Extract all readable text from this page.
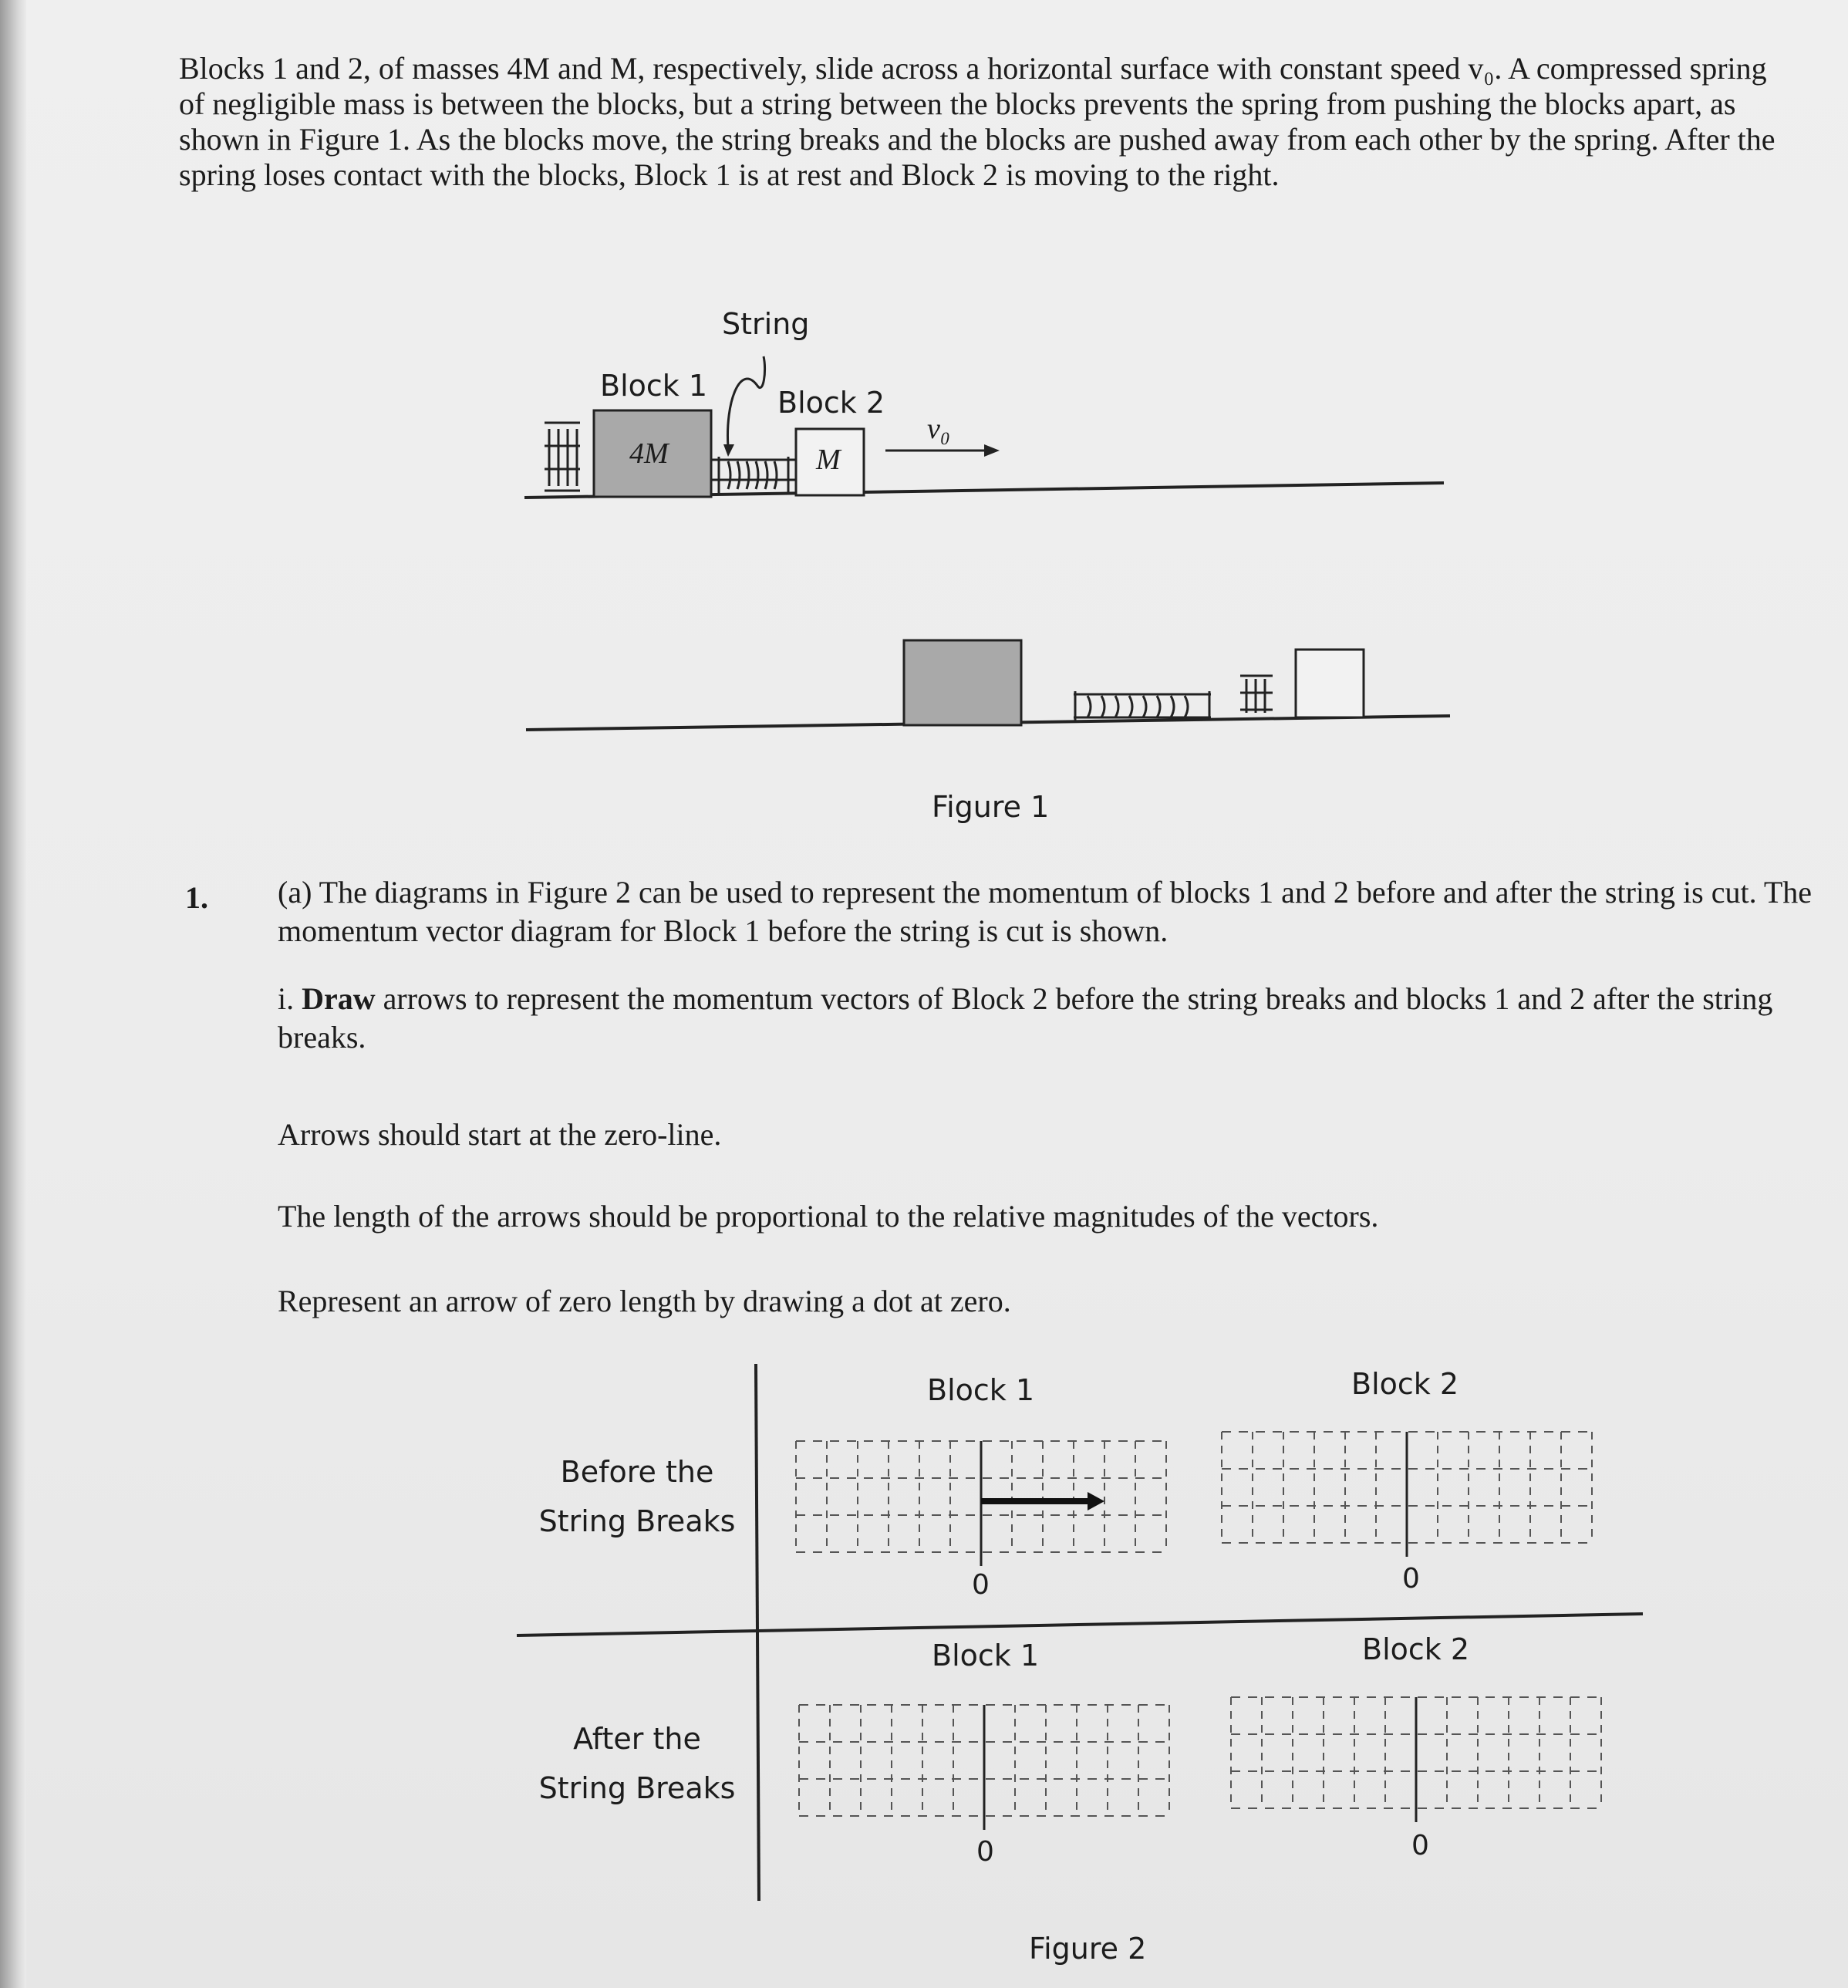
Blocks 1 and 2, of masses 4M and M, respectively, slide across a horizontal surface with constant speed v₀. A compressed spring of negligible mass is between the blocks, but a string between the blocks prevents the spring from pushing the blocks apart, as shown in Figure 1. As the blocks move, the string breaks and the blocks are pushed away from each other by the spring. After the spring loses contact with the blocks, Block 1 is at rest and Block 2 is moving to the right.
String
Block 1 Block 2
4M	M
v₀
Figure 1
1. (a) The diagrams in Figure 2 can be used to represent the momentum of blocks 1 and 2 before and after the string is cut. The momentum vector diagram for Block 1 before the string is cut is shown.
i. Draw arrows to represent the momentum vectors of Block 2 before the string breaks and blocks 1 and 2 after the string breaks.
Arrows should start at the zero-line.
The length of the arrows should be proportional to the relative magnitudes of the vectors.
Represent an arrow of zero length by drawing a dot at zero.
Before the
String Breaks
After the
String Breaks
Block 1	Block 2
Block 1	Block 2
0	0
0	0
Figure 2
